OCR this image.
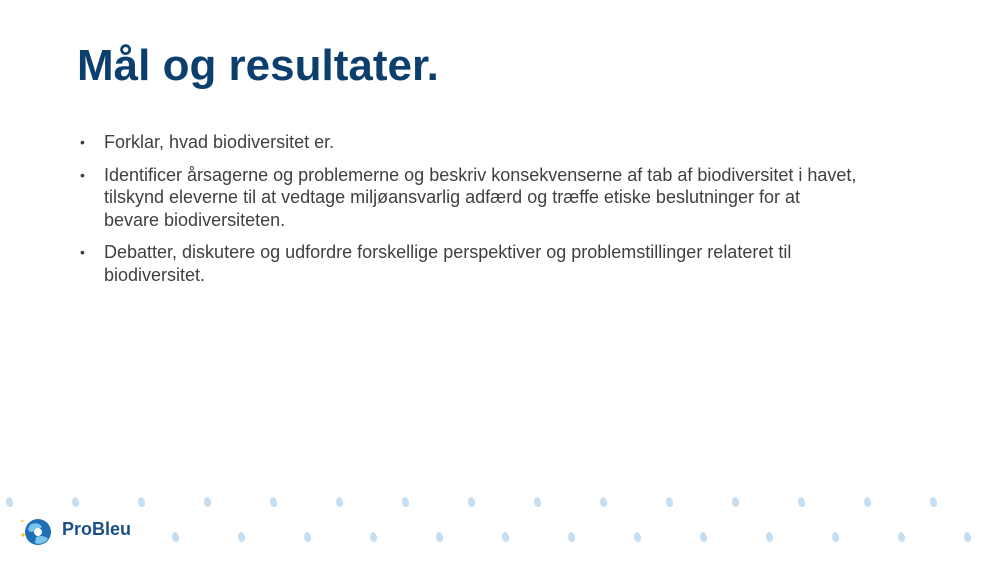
Mål og resultater.
• Forklar, hvad biodiversitet er.
• Identificer årsagerne og problemerne og beskriv konsekvenserne af tab af biodiversitet i havet, tilskynd eleverne til at vedtage miljøansvarlig adfærd og træffe etiske beslutninger for at bevare biodiversiteten.
• Debatter, diskutere og udfordre forskellige perspektiver og problemstillinger relateret til biodiversitet.
ProBleu
